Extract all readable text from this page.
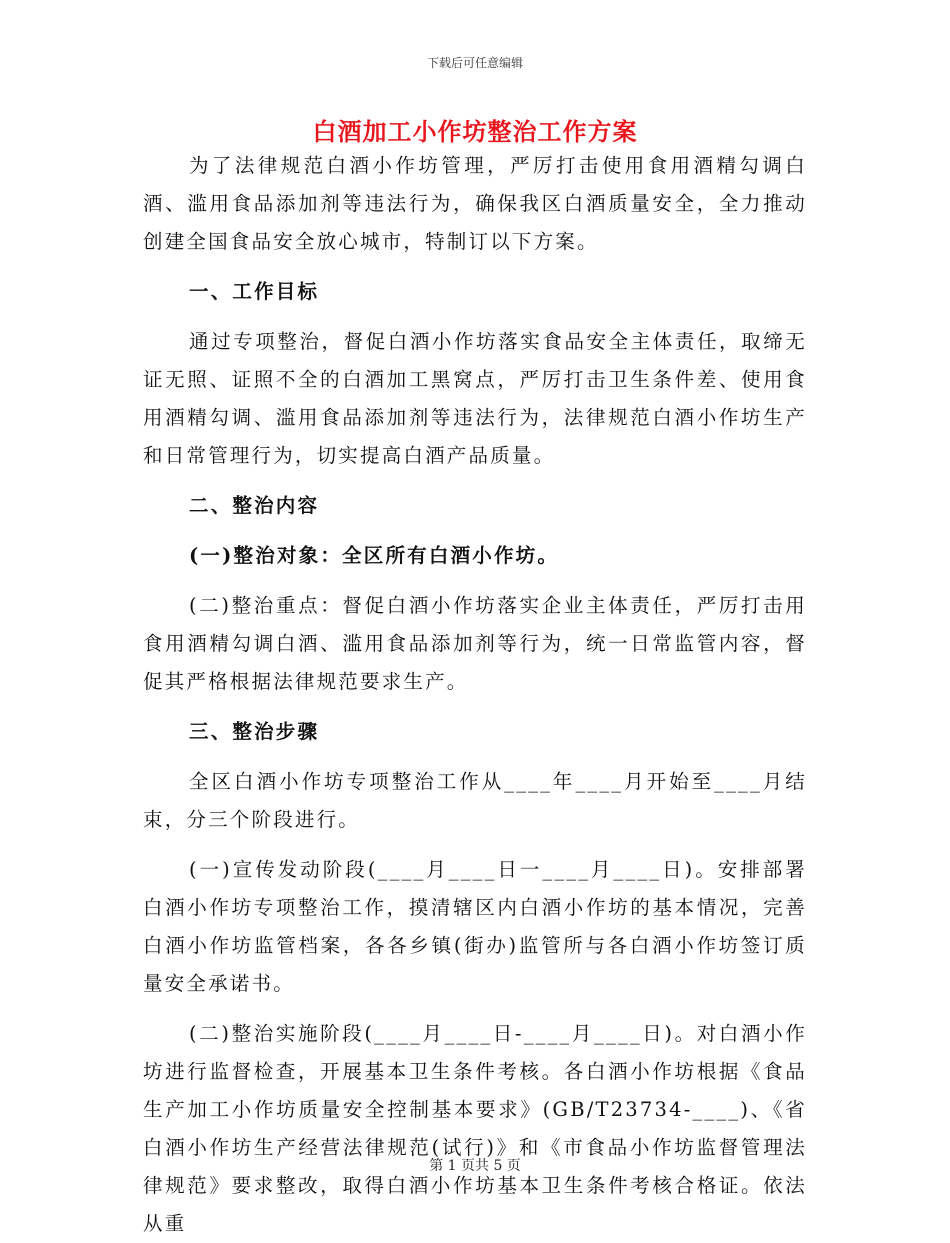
下载后可任意编辑
白酒加工小作坊整治工作方案

为了法律规范白酒小作坊管理，严厉打击使用食用酒精勾调白酒、滥用食品添加剂等违法行为，确保我区白酒质量安全，全力推动创建全国食品安全放心城市，特制订以下方案。

一、工作目标

通过专项整治，督促白酒小作坊落实食品安全主体责任，取缔无证无照、证照不全的白酒加工黑窝点，严厉打击卫生条件差、使用食用酒精勾调、滥用食品添加剂等违法行为，法律规范白酒小作坊生产和日常管理行为，切实提高白酒产品质量。

二、整治内容

(一)整治对象：全区所有白酒小作坊。

(二)整治重点：督促白酒小作坊落实企业主体责任，严厉打击用食用酒精勾调白酒、滥用食品添加剂等行为，统一日常监管内容，督促其严格根据法律规范要求生产。

三、整治步骤

全区白酒小作坊专项整治工作从____年____月开始至____月结束，分三个阶段进行。

(一)宣传发动阶段(____月____日一____月____日)。安排部署白酒小作坊专项整治工作，摸清辖区内白酒小作坊的基本情况，完善白酒小作坊监管档案，各各乡镇(街办)监管所与各白酒小作坊签订质量安全承诺书。

(二)整治实施阶段(____月____日-____月____日)。对白酒小作坊进行监督检查，开展基本卫生条件考核。各白酒小作坊根据《食品生产加工小作坊质量安全控制基本要求》(GB/T23734-____)、《省白酒小作坊生产经营法律规范(试行)》和《市食品小作坊监督管理法律规范》要求整改，取得白酒小作坊基本卫生条件考核合格证。依法从重

第 1 页共 5 页
